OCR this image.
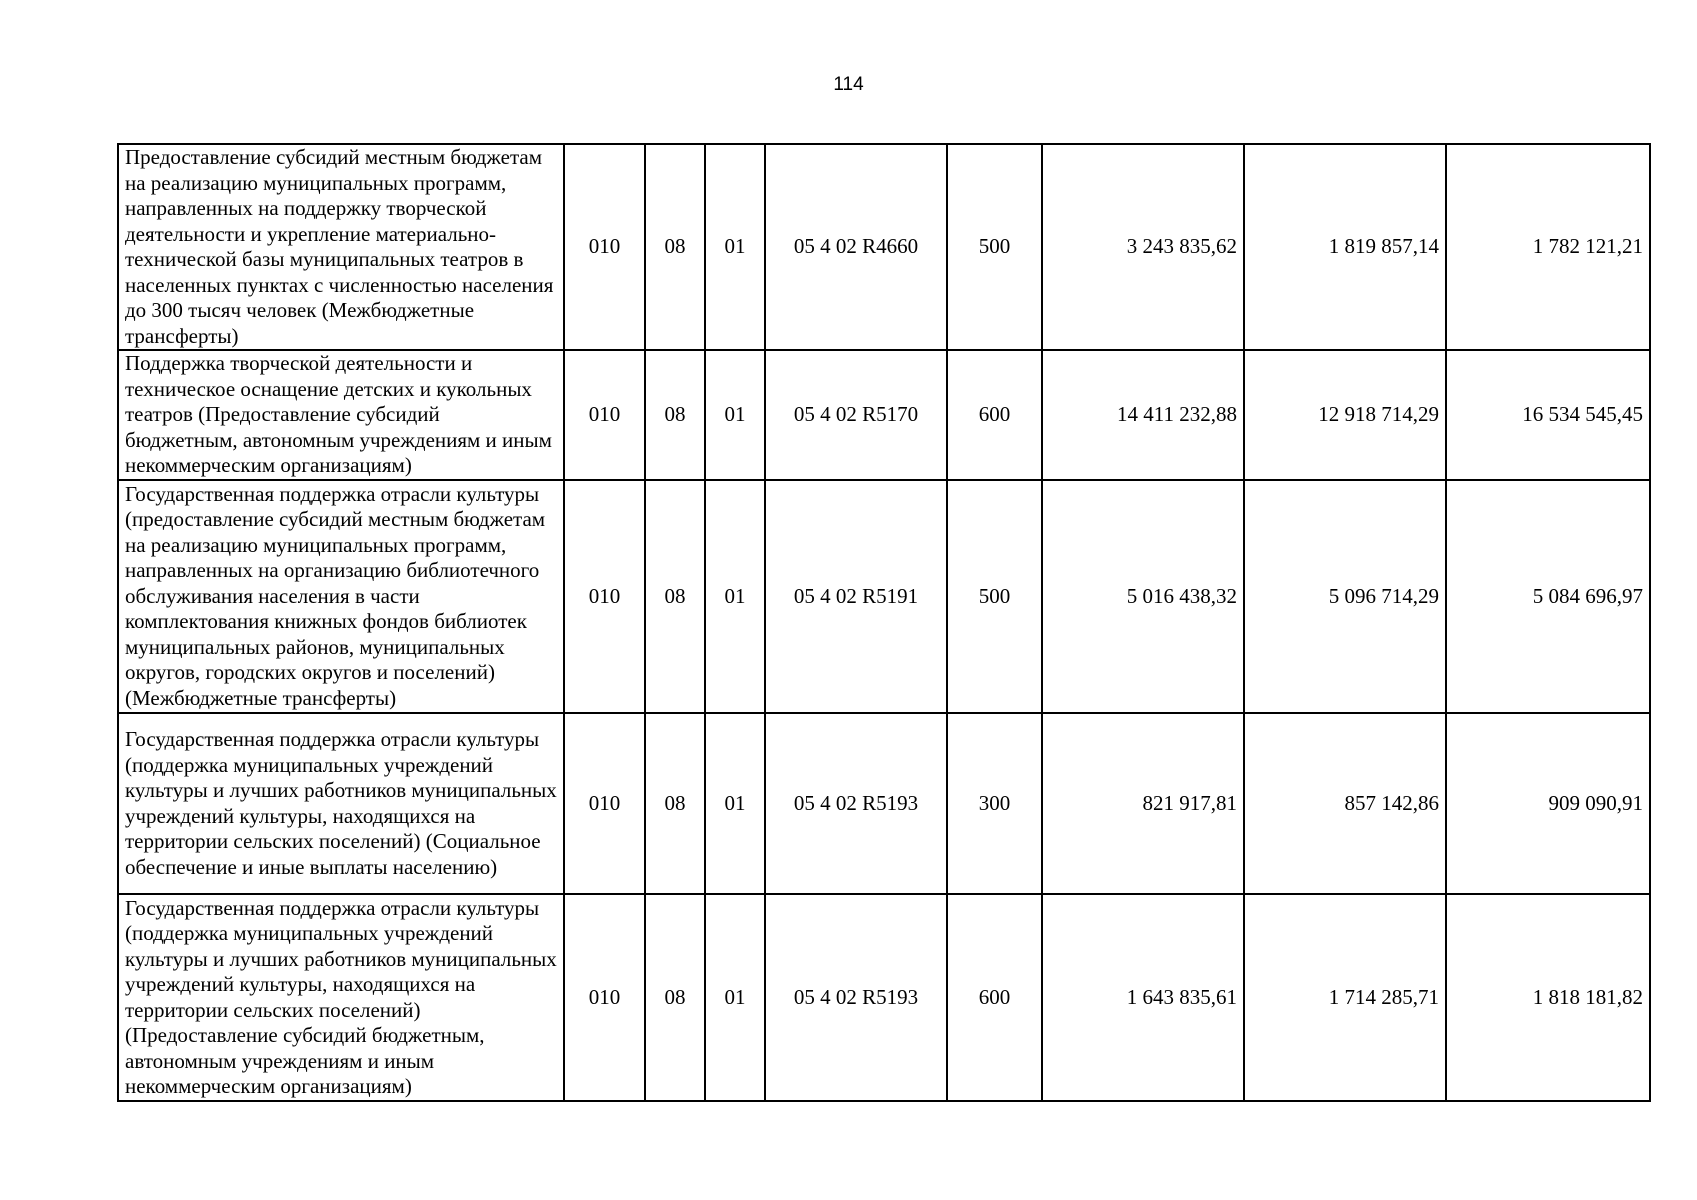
114
Предоставление субсидий местным бюджетам на реализацию муниципальных программ, направленных на поддержку творческой деятельности и укрепление материально-технической базы муниципальных театров в населенных пунктах с численностью населения до 300 тысяч человек (Межбюджетные трансферты)	010	08	01	05 4 02 R4660	500	3 243 835,62	1 819 857,14	1 782 121,21
Поддержка творческой деятельности и техническое оснащение детских и кукольных театров (Предоставление субсидий бюджетным, автономным учреждениям и иным некоммерческим организациям)	010	08	01	05 4 02 R5170	600	14 411 232,88	12 918 714,29	16 534 545,45
Государственная поддержка отрасли культуры (предоставление субсидий местным бюджетам на реализацию муниципальных программ, направленных на организацию библиотечного обслуживания населения в части комплектования книжных фондов библиотек муниципальных районов, муниципальных округов, городских округов и поселений) (Межбюджетные трансферты)	010	08	01	05 4 02 R5191	500	5 016 438,32	5 096 714,29	5 084 696,97
Государственная поддержка отрасли культуры (поддержка муниципальных учреждений культуры и лучших работников муниципальных учреждений культуры, находящихся на территории сельских поселений) (Социальное обеспечение и иные выплаты населению)	010	08	01	05 4 02 R5193	300	821 917,81	857 142,86	909 090,91
Государственная поддержка отрасли культуры (поддержка муниципальных учреждений культуры и лучших работников муниципальных учреждений культуры, находящихся на территории сельских поселений) (Предоставление субсидий бюджетным, автономным учреждениям и иным некоммерческим организациям)	010	08	01	05 4 02 R5193	600	1 643 835,61	1 714 285,71	1 818 181,82
